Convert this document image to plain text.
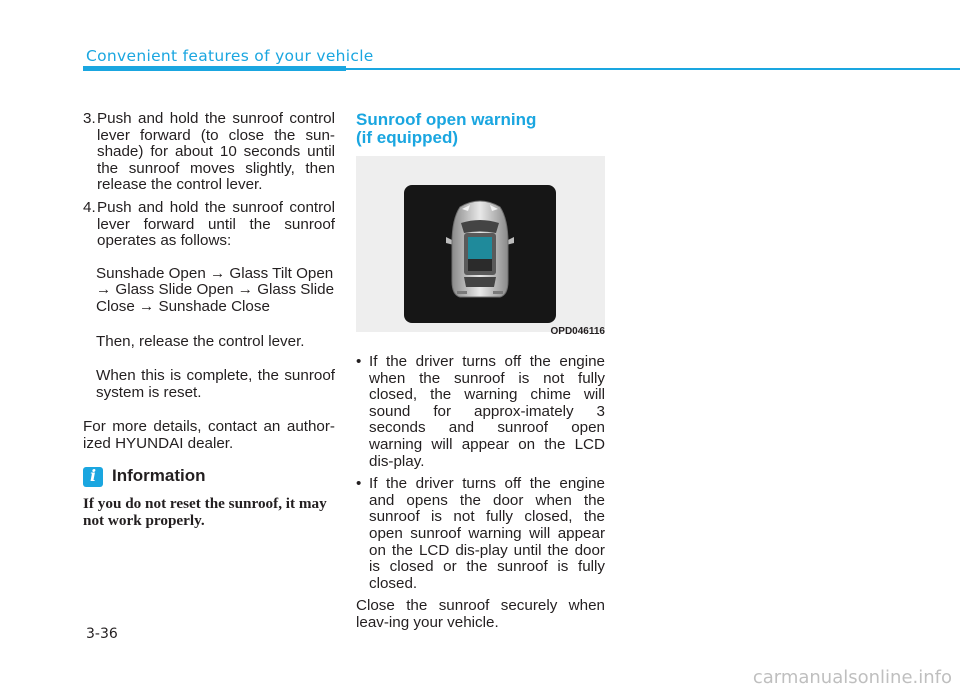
Convenient features of your vehicle
3. Push and hold the sunroof control lever forward (to close the sun-shade) for about 10 seconds until the sunroof moves slightly, then release the control lever.
4. Push and hold the sunroof control lever forward until the sunroof operates as follows:
Sunshade Open → Glass Tilt Open
→ Glass Slide Open → Glass Slide
Close → Sunshade Close
Then, release the control lever.
When this is complete, the sunroof system is reset.
For more details, contact an author-ized HYUNDAI dealer.
i Information
If you do not reset the sunroof, it may not work properly.
Sunroof open warning
(if equipped)
OPD046116
• If the driver turns off the engine when the sunroof is not fully closed, the warning chime will sound for approx-imately 3 seconds and sunroof open warning will appear on the LCD dis-play.
• If the driver turns off the engine and opens the door when the sunroof is not fully closed, the open sunroof warning will appear on the LCD dis-play until the door is closed or the sunroof is fully closed.
Close the sunroof securely when leav-ing your vehicle.
3-36
carmanualsonline.info
